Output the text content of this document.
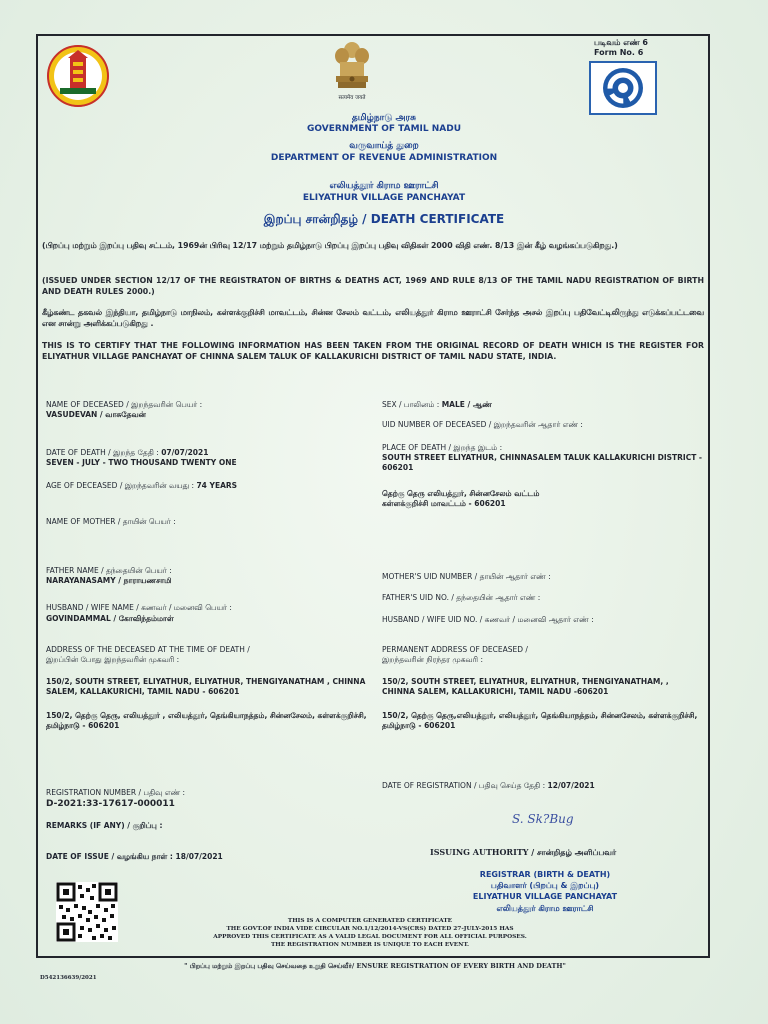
सत्यमेव जयते
படிவம் எண் 6
Form No. 6
தமிழ்நாடு அரசு
GOVERNMENT OF TAMIL NADU
வருவாய்த் துறை
DEPARTMENT OF REVENUE ADMINISTRATION
எலியத்தூர் கிராம ஊராட்சி
ELIYATHUR VILLAGE PANCHAYAT
இறப்பு சான்றிதழ் / DEATH CERTIFICATE
(பிறப்பு மற்றும் இறப்பு பதிவு சட்டம், 1969ன் பிரிவு 12/17 மற்றும் தமிழ்நாடு பிறப்பு இறப்பு பதிவு விதிகள் 2000 விதி எண். 8/13 இன் கீழ் வழங்கப்படுகிறது.)
(ISSUED UNDER SECTION 12/17 OF THE REGISTRATON OF BIRTHS & DEATHS ACT, 1969 AND RULE 8/13 OF THE TAMIL NADU REGISTRATION OF BIRTH AND DEATH RULES 2000.)
கீழ்கண்ட தகவல் இந்தியா, தமிழ்நாடு மாநிலம், கள்ளக்குறிச்சி மாவட்டம், சின்ன சேலம் வட்டம், எலியத்தூர் கிராம ஊராட்சி சேர்ந்த அசல் இறப்பு பதிவேட்டிலிருந்து எடுக்கப்பட்டவை என சான்று அளிக்கப்படுகிறது .
THIS IS TO CERTIFY THAT THE FOLLOWING INFORMATION HAS BEEN TAKEN FROM THE ORIGINAL RECORD OF DEATH WHICH IS THE REGISTER FOR ELIYATHUR VILLAGE PANCHAYAT OF CHINNA SALEM TALUK OF KALLAKURICHI DISTRICT OF TAMIL NADU STATE, INDIA.
NAME OF DECEASED / இறந்தவரின் பெயர் :
VASUDEVAN / வாசுதேவன்
DATE OF DEATH / இறந்த தேதி : 07/07/2021
SEVEN - JULY - TWO THOUSAND TWENTY ONE
AGE OF DECEASED / இறந்தவரின் வயது : 74 YEARS
NAME OF MOTHER / தாயின் பெயர் :
FATHER NAME / தந்தையின் பெயர் :
NARAYANASAMY / நாராயணசாமி
HUSBAND / WIFE NAME / கணவர் / மனைவி பெயர் :
GOVINDAMMAL / கோவிந்தம்மாள்
ADDRESS OF THE DECEASED AT THE TIME OF DEATH /
இறப்பின் போது இறந்தவரின் முகவரி :
150/2, SOUTH STREET, ELIYATHUR, ELIYATHUR, THENGIYANATHAM , CHINNA SALEM, KALLAKURICHI, TAMIL NADU - 606201
150/2, தெற்கு தெரு, எலியத்தூர் , எலியத்தூர், தெங்கியாநத்தம், சின்னசேலம், கள்ளக்குறிச்சி, தமிழ்நாடு - 606201
REGISTRATION NUMBER / பதிவு எண் :
D-2021:33-17617-000011
REMARKS (IF ANY) / குறிப்பு :
DATE OF ISSUE / வழங்கிய நாள் : 18/07/2021
SEX / பாலினம் : MALE / ஆண்
UID NUMBER OF DECEASED / இறந்தவரின் ஆதார் எண் :
PLACE OF DEATH / இறந்த இடம் :
SOUTH STREET ELIYATHUR, CHINNASALEM TALUK KALLAKURICHI DISTRICT - 606201
தெற்கு தெரு எலியத்தூர், சின்னசேலம் வட்டம் கள்ளக்குறிச்சி மாவட்டம் - 606201
MOTHER'S UID NUMBER / தாயின் ஆதார் எண் :
FATHER'S UID NO. / தந்தையின் ஆதார் எண் :
HUSBAND / WIFE UID NO. / கணவர் / மனைவி ஆதார் எண் :
PERMANENT ADDRESS OF DECEASED /
இறந்தவரின் நிரந்தர முகவரி :
150/2, SOUTH STREET, ELIYATHUR, ELIYATHUR, THENGIYANATHAM, , CHINNA SALEM, KALLAKURICHI, TAMIL NADU -606201
150/2, தெற்கு தெரு,எலியத்தூர், எலியத்தூர், தெங்கியாநத்தம், சின்னசேலம், கள்ளக்குறிச்சி, தமிழ்நாடு - 606201
DATE OF REGISTRATION / பதிவு செய்த தேதி : 12/07/2021
S. Sk?Bug
ISSUING AUTHORITY / சான்றிதழ் அளிப்பவர்
REGISTRAR (BIRTH & DEATH)
பதிவாளர் (பிறப்பு & இறப்பு)
ELIYATHUR VILLAGE PANCHAYAT
எலியத்தூர் கிராம ஊராட்சி
THIS IS A COMPUTER GENERATED CERTIFICATE
THE GOVT.OF INDIA VIDE CIRCULAR NO.1/12/2014-VS(CRS) DATED 27-JULY-2015 HAS
APPROVED THIS CERTIFICATE AS A VALID LEGAL DOCUMENT FOR ALL OFFICIAL PURPOSES.
THE REGISTRATION NUMBER IS UNIQUE TO EACH EVENT.
" பிறப்பு மற்றும் இறப்பு பதிவு செய்வதை உறுதி செய்வீர்/ ENSURE REGISTRATION OF EVERY BIRTH AND DEATH"
D542136639/2021
